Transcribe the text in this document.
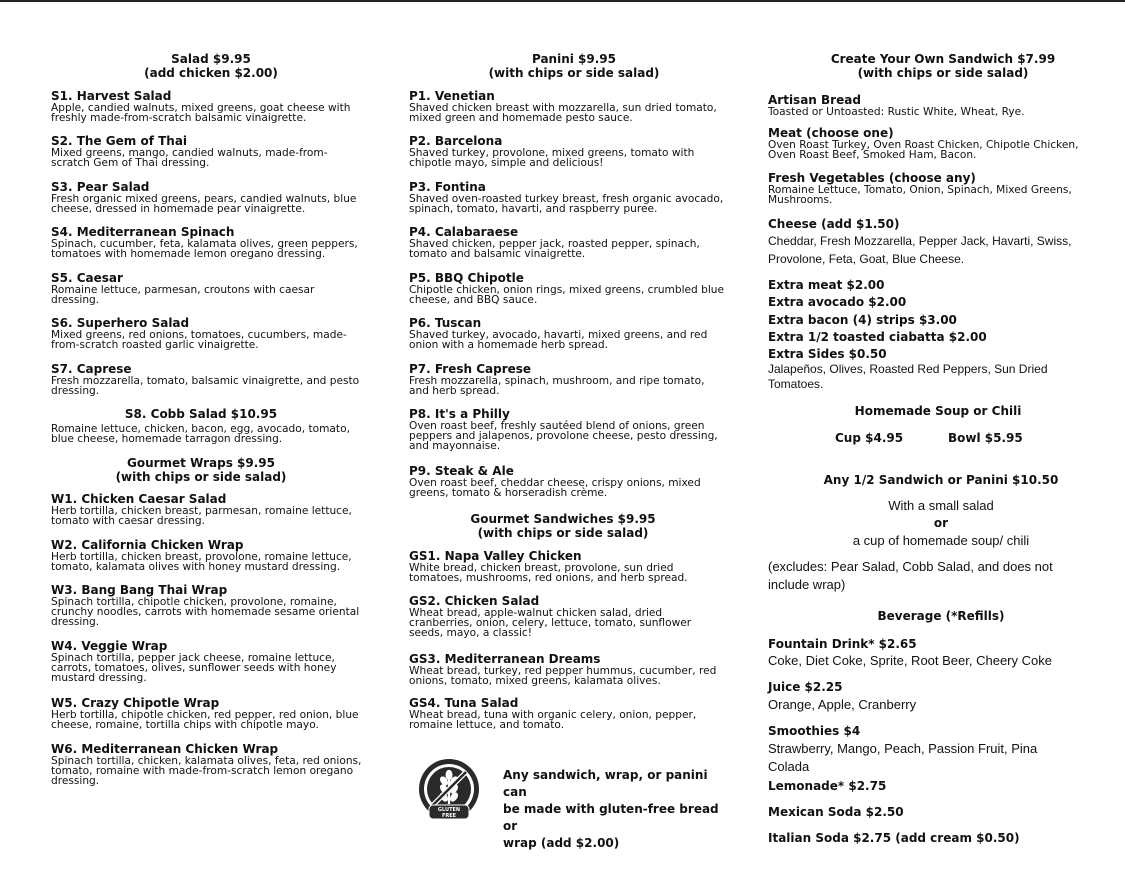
Salad $9.95
(add chicken $2.00)
S1. Harvest Salad
Apple, candied walnuts, mixed greens, goat cheese with
freshly made-from-scratch balsamic vinaigrette.
S2. The Gem of Thai
Mixed greens, mango, candied walnuts, made-from-
scratch Gem of Thai dressing.
S3. Pear Salad
Fresh organic mixed greens, pears, candied walnuts, blue
cheese, dressed in homemade pear vinaigrette.
S4. Mediterranean Spinach
Spinach, cucumber, feta, kalamata olives, green peppers,
tomatoes with homemade lemon oregano dressing.
S5. Caesar
Romaine lettuce, parmesan, croutons with caesar
dressing.
S6. Superhero Salad
Mixed greens, red onions, tomatoes, cucumbers, made-
from-scratch roasted garlic vinaigrette.
S7. Caprese
Fresh mozzarella, tomato, balsamic vinaigrette, and pesto
dressing.
S8. Cobb Salad $10.95
Romaine lettuce, chicken, bacon, egg, avocado, tomato,
blue cheese, homemade tarragon dressing.
Gourmet Wraps $9.95
(with chips or side salad)
W1. Chicken Caesar Salad
Herb tortilla, chicken breast, parmesan, romaine lettuce,
tomato with caesar dressing.
W2. California Chicken Wrap
Herb tortilla, chicken breast, provolone, romaine lettuce,
tomato, kalamata olives with honey mustard dressing.
W3. Bang Bang Thai Wrap
Spinach tortilla, chipotle chicken, provolone, romaine,
crunchy noodles, carrots with homemade sesame oriental
dressing.
W4. Veggie Wrap
Spinach tortilla, pepper jack cheese, romaine lettuce,
carrots, tomatoes, olives, sunflower seeds with honey
mustard dressing.
W5. Crazy Chipotle Wrap
Herb tortilla, chipotle chicken, red pepper, red onion, blue
cheese, romaine, tortilla chips with chipotle mayo.
W6. Mediterranean Chicken Wrap
Spinach tortilla, chicken, kalamata olives, feta, red onions,
tomato, romaine with made-from-scratch lemon oregano
dressing.
Panini $9.95
(with chips or side salad)
P1. Venetian
Shaved chicken breast with mozzarella, sun dried tomato,
mixed green and homemade pesto sauce.
P2. Barcelona
Shaved turkey, provolone, mixed greens, tomato with
chipotle mayo, simple and delicious!
P3. Fontina
Shaved oven-roasted turkey breast, fresh organic avocado,
spinach, tomato, havarti, and raspberry puree.
P4. Calabaraese
Shaved chicken, pepper jack, roasted pepper, spinach,
tomato and balsamic vinaigrette.
P5. BBQ Chipotle
Chipotle chicken, onion rings, mixed greens, crumbled blue
cheese, and BBQ sauce.
P6. Tuscan
Shaved turkey, avocado, havarti, mixed greens, and red
onion with a homemade herb spread.
P7. Fresh Caprese
Fresh mozzarella, spinach, mushroom, and ripe tomato,
and herb spread.
P8. It's a Philly
Oven roast beef, freshly sautéed blend of onions, green
peppers and jalapenos, provolone cheese, pesto dressing,
and mayonnaise.
P9. Steak & Ale
Oven roast beef, cheddar cheese, crispy onions, mixed
greens, tomato & horseradish crème.
Gourmet Sandwiches $9.95
(with chips or side salad)
GS1. Napa Valley Chicken
White bread, chicken breast, provolone, sun dried
tomatoes, mushrooms, red onions, and herb spread.
GS2. Chicken Salad
Wheat bread, apple-walnut chicken salad, dried
cranberries, onion, celery, lettuce, tomato, sunflower
seeds, mayo, a classic!
GS3. Mediterranean Dreams
Wheat bread, turkey, red pepper hummus, cucumber, red
onions, tomato, mixed greens, kalamata olives.
GS4. Tuna Salad
Wheat bread, tuna with organic celery, onion, pepper,
romaine lettuce, and tomato.
GLUTEN
FREE
Any sandwich, wrap, or panini can
be made with gluten-free bread or
wrap (add $2.00)
Create Your Own Sandwich $7.99
(with chips or side salad)
Artisan Bread
Toasted or Untoasted: Rustic White, Wheat, Rye.
Meat (choose one)
Oven Roast Turkey, Oven Roast Chicken, Chipotle Chicken,
Oven Roast Beef, Smoked Ham, Bacon.
Fresh Vegetables (choose any)
Romaine Lettuce, Tomato, Onion, Spinach, Mixed Greens,
Mushrooms.
Cheese (add $1.50)
Cheddar, Fresh Mozzarella, Pepper Jack, Havarti, Swiss,
Provolone, Feta, Goat, Blue Cheese.
Extra meat $2.00
Extra avocado $2.00
Extra bacon (4) strips $3.00
Extra 1/2 toasted ciabatta $2.00
Extra Sides $0.50
Jalapeños, Olives, Roasted Red Peppers, Sun Dried
Tomatoes.
Homemade Soup or Chili
Cup $4.95	Bowl $5.95
Any 1/2 Sandwich or Panini $10.50
With a small salad
or
a cup of homemade soup/ chili
(excludes: Pear Salad, Cobb Salad, and does not
include wrap)
Beverage (*Refills)
Fountain Drink* $2.65
Coke, Diet Coke, Sprite, Root Beer, Cheery Coke
Juice $2.25
Orange, Apple, Cranberry
Smoothies $4
Strawberry, Mango, Peach, Passion Fruit, Pina
Colada
Lemonade* $2.75
Mexican Soda $2.50
Italian Soda $2.75 (add cream $0.50)
